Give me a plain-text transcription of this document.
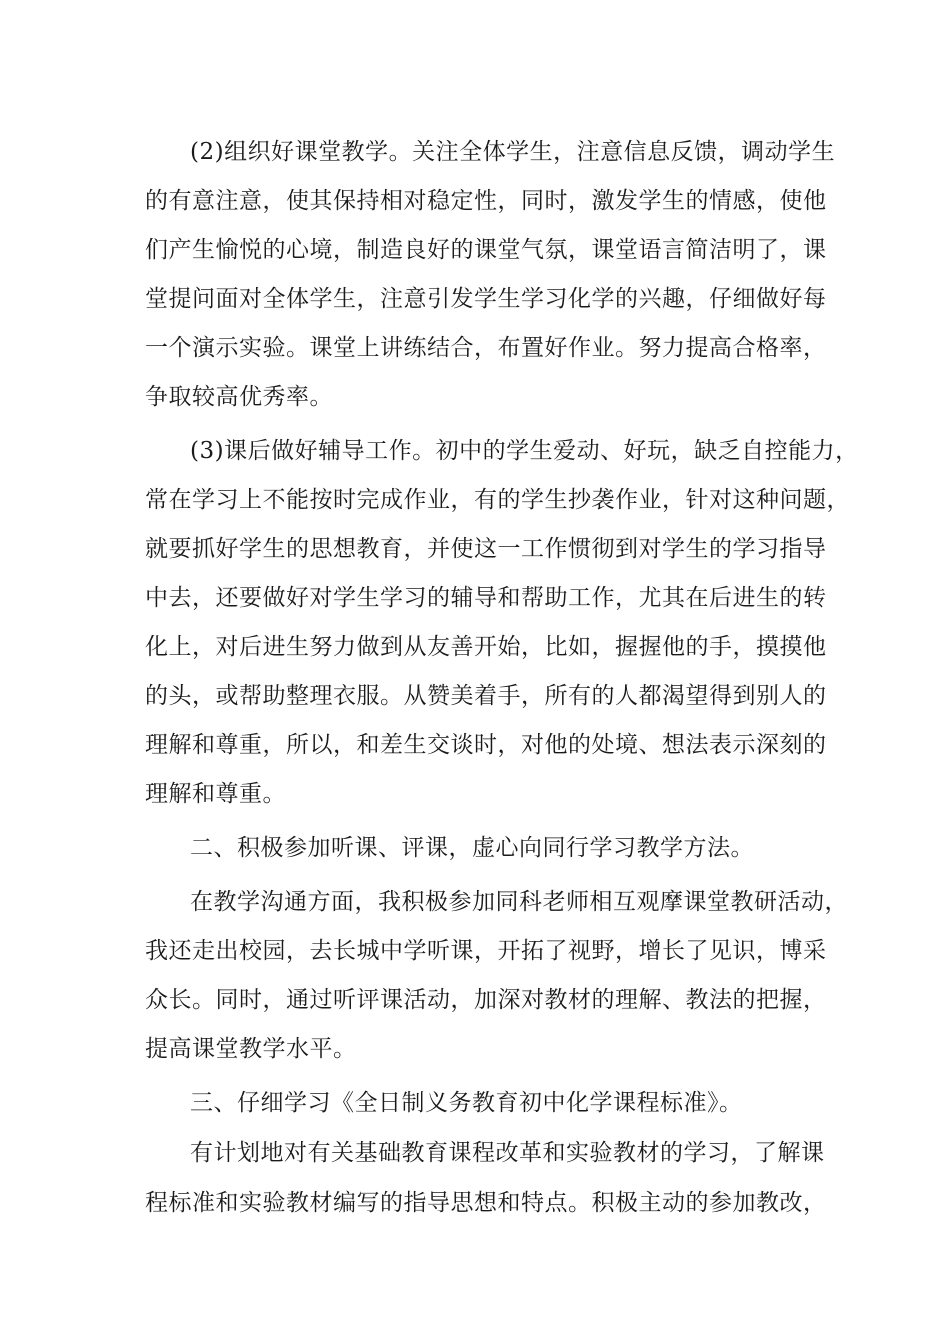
(2)组织好课堂教学。关注全体学生，注意信息反馈，调动学生
的有意注意，使其保持相对稳定性，同时，激发学生的情感，使他
们产生愉悦的心境，制造良好的课堂气氛，课堂语言简洁明了，课
堂提问面对全体学生，注意引发学生学习化学的兴趣，仔细做好每
一个演示实验。课堂上讲练结合，布置好作业。努力提高合格率，
争取较高优秀率。
(3)课后做好辅导工作。初中的学生爱动、好玩，缺乏自控能力，
常在学习上不能按时完成作业，有的学生抄袭作业，针对这种问题，
就要抓好学生的思想教育，并使这一工作惯彻到对学生的学习指导
中去，还要做好对学生学习的辅导和帮助工作，尤其在后进生的转
化上，对后进生努力做到从友善开始，比如，握握他的手，摸摸他
的头，或帮助整理衣服。从赞美着手，所有的人都渴望得到别人的
理解和尊重，所以，和差生交谈时，对他的处境、想法表示深刻的
理解和尊重。
二、积极参加听课、评课，虚心向同行学习教学方法。
在教学沟通方面，我积极参加同科老师相互观摩课堂教研活动，
我还走出校园，去长城中学听课，开拓了视野，增长了见识，博采
众长。同时，通过听评课活动，加深对教材的理解、教法的把握，
提高课堂教学水平。
三、仔细学习《全日制义务教育初中化学课程标准》。
有计划地对有关基础教育课程改革和实验教材的学习，了解课
程标准和实验教材编写的指导思想和特点。积极主动的参加教改，
